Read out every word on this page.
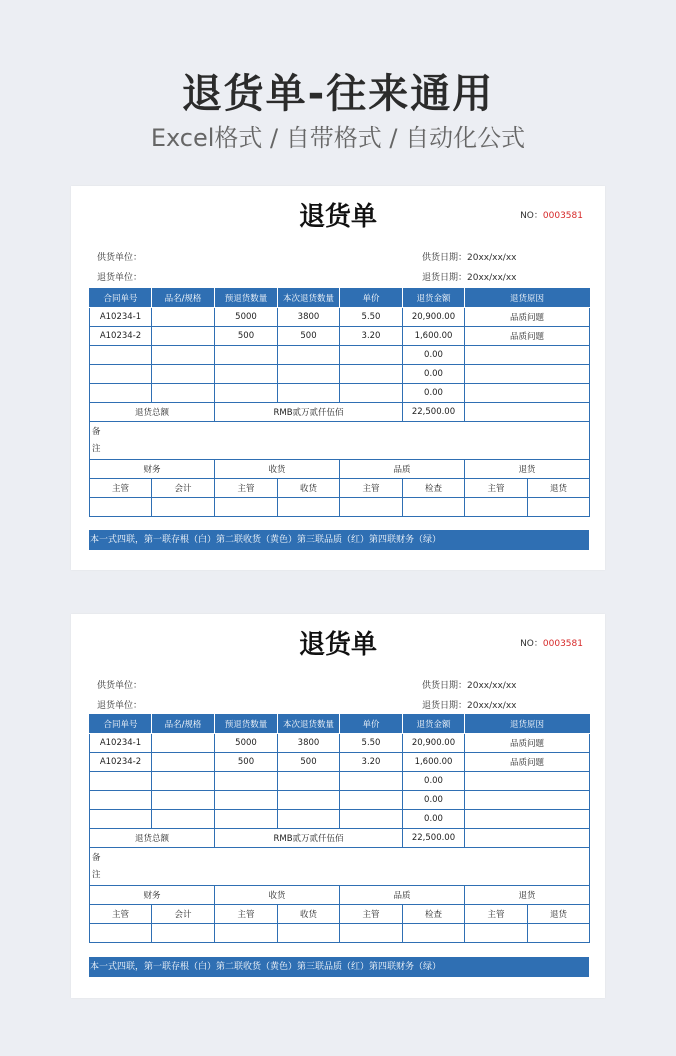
退货单-往来通用
Excel格式 / 自带格式 / 自动化公式
退货单	NO：0003581
供货单位：
退货单位：
供货日期：20xx/xx/xx
退货日期：20xx/xx/xx
合同单号	品名/规格	预退货数量	本次退货数量	单价	退货金额	退货原因	
A10234-1		5000	3800	5.50	20,900.00	品质问题	
A10234-2		500	500	3.20	1,600.00	品质问题	
					0.00		
					0.00		
					0.00		
退货总额		RMB贰万贰仟伍佰			22,500.00		
备注							
财务		收货		品质		退货	
主管	会计	主管	收货	主管	检查	主管	退货

本一式四联，第一联存根（白）第二联收货（黄色）第三联品质（红）第四联财务（绿）
退货单	NO：0003581
供货单位：
退货单位：
供货日期：20xx/xx/xx
退货日期：20xx/xx/xx
合同单号	品名/规格	预退货数量	本次退货数量	单价	退货金额	退货原因	
A10234-1		5000	3800	5.50	20,900.00	品质问题	
A10234-2		500	500	3.20	1,600.00	品质问题	
					0.00		
					0.00		
					0.00		
退货总额		RMB贰万贰仟伍佰			22,500.00		
备注							
财务		收货		品质		退货	
主管	会计	主管	收货	主管	检查	主管	退货

本一式四联，第一联存根（白）第二联收货（黄色）第三联品质（红）第四联财务（绿）
